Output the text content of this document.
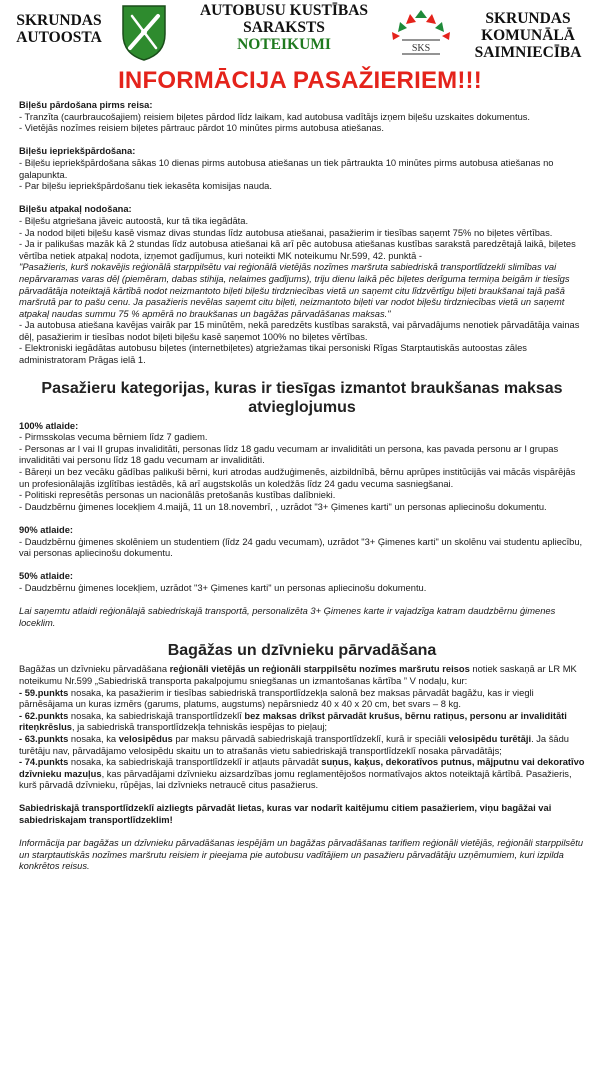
SKRUNDAS
AUTOOSTA
AUTOBUSU KUSTĪBAS
SARAKSTS
NOTEIKUMI	SKS
SKRUNDAS
KOMUNĀLĀ
SAIMNIECĪBA
INFORMĀCIJA PASAŽIERIEM!!!

Biļešu pārdošana pirms reisa:

- Tranzīta (caurbraucošajiem) reisiem biļetes pārdod līdz laikam, kad autobusa vadītājs izņem biļešu uzskaites dokumentus.

- Vietējās nozīmes reisiem biļetes pārtrauc pārdot 10 minūtes pirms autobusa atiešanas.

Biļešu iepriekšpārdošana:

- Biļešu iepriekšpārdošana sākas 10 dienas pirms autobusa atiešanas un tiek pārtraukta 10 minūtes pirms autobusa atiešanas no galapunkta.

- Par biļešu iepriekšpārdošanu tiek iekasēta komisijas nauda.

Biļešu atpakaļ nodošana:

- Biļešu atgriešana jāveic autoostā, kur tā tika iegādāta.

- Ja nodod biļeti biļešu kasē vismaz divas stundas līdz autobusa atiešanai, pasažierim ir tiesības saņemt 75% no biļetes vērtības.

- Ja ir palikušas mazāk kā 2 stundas līdz autobusa atiešanai kā arī pēc autobusa atiešanas kustības sarakstā paredzētajā laikā, biļetes vērtība netiek atpakaļ nodota, izņemot gadījumus, kuri noteikti MK noteikumu Nr.599, 42. punktā -

"Pasažieris, kurš nokavējis reģionālā starppilsētu vai reģionālā vietējās nozīmes maršruta sabiedriskā transportlīdzekli slimības vai nepārvaramas varas dēļ (piemēram, dabas stihija, nelaimes gadījums), triju dienu laikā pēc biļetes derīguma termiņa beigām ir tiesīgs pārvadātāja noteiktajā kārtībā nodot neizmantoto biļeti biļešu tirdzniecības vietā un saņemt citu līdzvērtīgu biļeti braukšanai tajā pašā maršrutā par to pašu cenu. Ja pasažieris nevēlas saņemt citu biļeti, neizmantoto biļeti var nodot biļešu tirdzniecības vietā un saņemt atpakaļ naudas summu 75 % apmērā no braukšanas un bagāžas pārvadāšanas maksas."

- Ja autobusa atiešana kavējas vairāk par 15 minūtēm, nekā paredzēts kustības sarakstā, vai pārvadājums nenotiek pārvadātāja vainas dēļ, pasažierim ir tiesības nodot biļeti biļešu kasē saņemot 100% no biļetes vērtības.

- Elektroniski iegādātas autobusu biļetes (internetbiļetes) atgriežamas tikai personiski Rīgas Starptautiskās autoostas zāles administratoram Prāgas ielā 1.

Pasažieru kategorijas, kuras ir tiesīgas izmantot braukšanas maksas atvieglojumus

100% atlaide:

- Pirmsskolas vecuma bērniem līdz 7 gadiem.

- Personas ar I vai II grupas invaliditāti, personas līdz 18 gadu vecumam ar invaliditāti un persona, kas pavada personu ar I grupas invaliditāti vai personu līdz 18 gadu vecumam ar invaliditāti.

- Bāreņi un bez vecāku gādības palikuši bērni, kuri atrodas audžuģimenēs, aizbildnībā, bērnu aprūpes institūcijās vai mācās vispārējās un profesionālajās izglītības iestādēs, kā arī augstskolās un koledžās līdz 24 gadu vecuma sasniegšanai.

- Politiski represētās personas un nacionālās pretošanās kustības dalībnieki.

- Daudzbērnu ģimenes locekļiem 4.maijā, 11 un 18.novembrī, , uzrādot "3+ Ģimenes karti" un personas apliecinošu dokumentu.

90% atlaide:

- Daudzbērnu ģimenes skolēniem un studentiem (līdz 24 gadu vecumam), uzrādot "3+ Ģimenes karti" un skolēnu vai studentu apliecību, vai personas apliecinošu dokumentu.

50% atlaide:

- Daudzbērnu ģimenes locekļiem, uzrādot "3+ Ģimenes karti" un personas apliecinošu dokumentu.

Lai saņemtu atlaidi reģionālajā sabiedriskajā transportā, personalizēta 3+ Ģimenes karte ir vajadzīga katram daudzbērnu ģimenes loceklim.

Bagāžas un dzīvnieku pārvadāšana

Bagāžas un dzīvnieku pārvadāšana reģionāli vietējās un reģionāli starppilsētu nozīmes maršrutu reisos notiek saskaņā ar LR MK noteikumu Nr.599 „Sabiedriskā transporta pakalpojumu sniegšanas un izmantošanas kārtība ” V nodaļu, kur:

- 59.punkts nosaka, ka pasažierim ir tiesības sabiedriskā transportlīdzekļa salonā bez maksas pārvadāt bagāžu, kas ir viegli pārnēsājama un kuras izmērs (garums, platums, augstums) nepārsniedz 40 x 40 x 20 cm, bet svars – 8 kg.

- 62.punkts nosaka, ka sabiedriskajā transportlīdzeklī bez maksas drīkst pārvadāt krušus, bērnu ratiņus, personu ar invaliditāti riteņkrēslus, ja sabiedriskā transportlīdzekļa tehniskās iespējas to pieļauj;

- 63.punkts nosaka, ka velosipēdus par maksu pārvadā sabiedriskajā transportlīdzeklī, kurā ir speciāli velosipēdu turētāji. Ja šādu turētāju nav, pārvadājamo velosipēdu skaitu un to atrašanās vietu sabiedriskajā transportlīdzeklī nosaka pārvadātājs;

- 74.punkts nosaka, ka sabiedriskajā transportlīdzeklī ir atļauts pārvadāt suņus, kaķus, dekoratīvos putnus, mājputnu vai dekoratīvo dzīvnieku mazuļus, kas pārvadājami dzīvnieku aizsardzības jomu reglamentējošos normatīvajos aktos noteiktajā kārtībā. Pasažieris, kurš pārvadā dzīvnieku, rūpējas, lai dzīvnieks netraucē citus pasažierus.

Sabiedriskajā transportlīdzeklī aizliegts pārvadāt lietas, kuras var nodarīt kaitējumu citiem pasažieriem, viņu bagāžai vai sabiedriskajam transportlīdzeklim!

Informācija par bagāžas un dzīvnieku pārvadāšanas iespējām un bagāžas pārvadāšanas tarifiem reģionāli vietējās, reģionāli starppilsētu un starptautiskās nozīmes maršrutu reisiem ir pieejama pie autobusu vadītājiem un pasažieru pārvadātāju uzņēmumiem, kuri izpilda konkrētos reisus.
